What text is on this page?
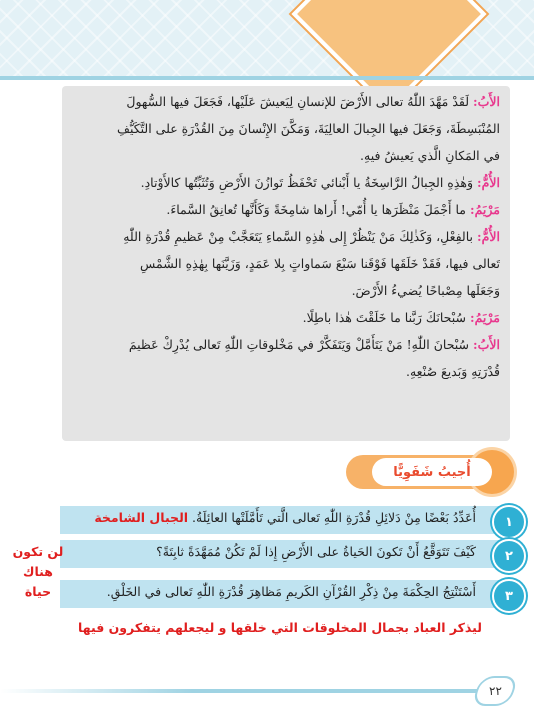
الأَبُ:لَقَدْ مَهَّدَ اللّٰهُ تعالى الأَرْضَ للإنسانِ لِيَعيشَ عَلَيْها، فَجَعَلَ فيها السُّهولَ
المُنْبَسِطَةَ، وَجَعَلَ فيها الجِبالَ العالِيَةَ، وَمَكَّنَ الإِنْسانَ مِنَ القُدْرَةِ على التَّكَيُّفِ
في المَكانِ الَّذي يَعيشُ فيهِ.
الأُمُّ:وَهٰذِهِ الجِبالُ الرَّاسِخَةُ يا أَبْنائي تَحْفَظُ تَوازُنَ الأَرْضِ وَتُثَبِّتُها كالأَوْتادِ.
مَرْيَمُ:ما أَجْمَلَ مَنْظَرَها يا أُمّي! أَراها شامِخَةً وَكَأَنَّها تُعانِقُ السَّماءَ.
الأُمُّ:بالفِعْلِ، وَكَذٰلِكَ مَنْ يَنْظُرْ إِلى هٰذِهِ السَّماءِ يَتَعَجَّبْ مِنْ عَظيمِ قُدْرَةِ اللّٰهِ
تَعالى فيها، فَقَدْ خَلَقَها فَوْقَنا سَبْعَ سَماواتٍ بِلا عَمَدٍ، وَزَيَّنَها بِهٰذِهِ الشَّمْسِ
وَجَعَلَها مِصْباحًا يُضيءُ الأَرْضَ.
مَرْيَمُ:سُبْحانَكَ رَبَّنا ما خَلَقْتَ هٰذا باطِلًا.
الأَبُ:سُبْحانَ اللّٰهِ! مَنْ يَتَأَمَّلْ وَيَتَفَكَّرْ في مَخْلوقاتِ اللّٰهِ تَعالى يُدْرِكْ عَظيمَ
قُدْرَتِهِ وَبَديعَ صُنْعِهِ.
أُجيبُ شَفَوِيًّا
١
أُعَدِّدُ بَعْضًا مِنْ دَلائِلِ قُدْرَةِ اللّٰهِ تَعالى الَّتي تَأَمَّلَتْها العائِلَةُ. الجبال الشامخة
٢
كَيْفَ تَتَوَقَّعُ أَنْ تَكونَ الحَياةُ على الأَرْضِ إِذا لَمْ تَكُنْ مُمَهَّدَةً ثابِتَةً؟
لن تكون هناك حياة	٣
أَسْتَنْتِجُ الحِكْمَةَ مِنْ ذِكْرِ القُرْآنِ الكَريمِ مَظاهِرَ قُدْرَةِ اللّٰهِ تَعالى في الخَلْقِ.
ليذكر العباد بجمال المخلوقات التي خلقها و ليجعلهم يتفكرون فيها
٢٢
